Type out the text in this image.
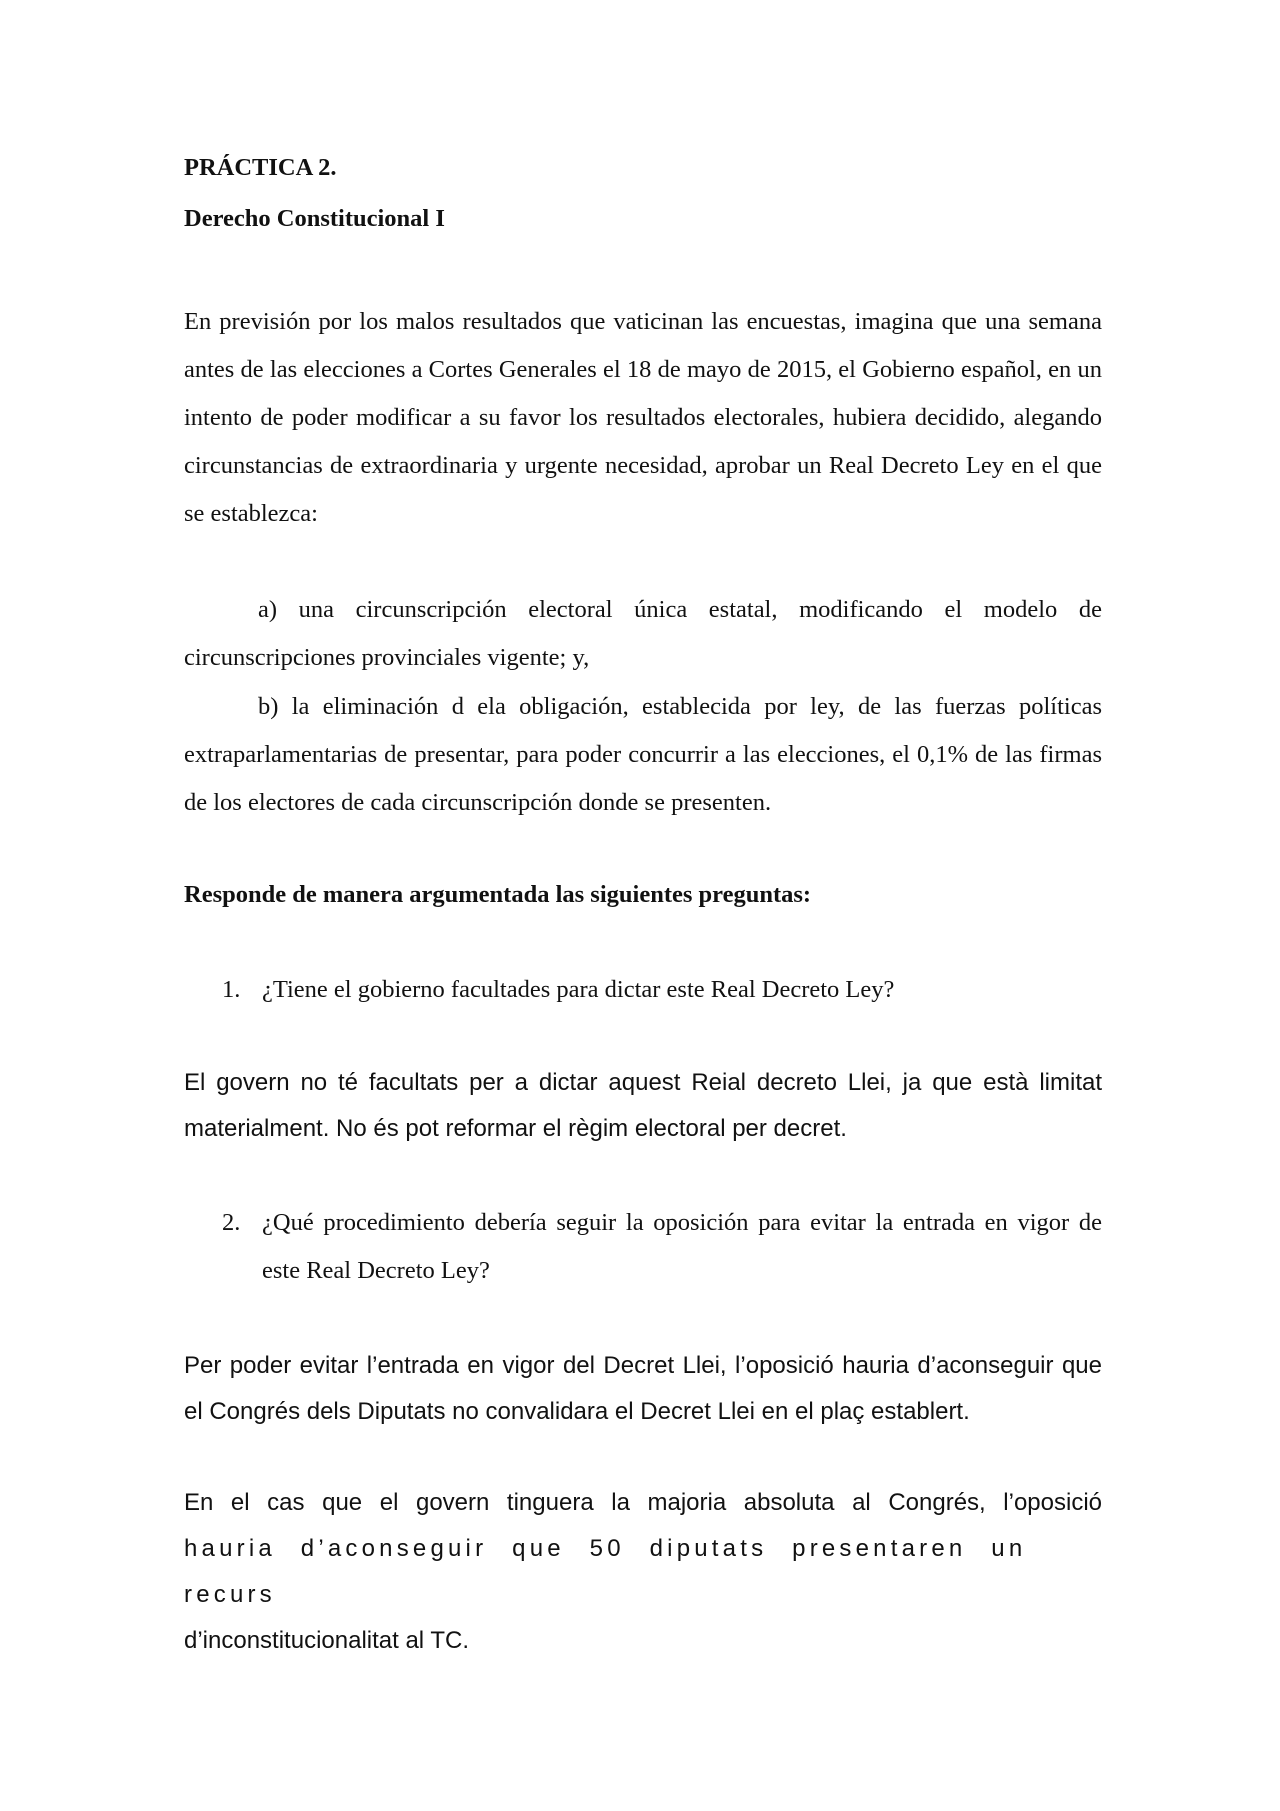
PRÁCTICA 2.

Derecho Constitucional I

En previsión por los malos resultados que vaticinan las encuestas, imagina que una semana antes de las elecciones a Cortes Generales el 18 de mayo de 2015, el Gobierno español, en un intento de poder modificar a su favor los resultados electorales, hubiera decidido, alegando circunstancias de extraordinaria y urgente necesidad, aprobar un Real Decreto Ley en el que se establezca:

a) una circunscripción electoral única estatal, modificando el modelo de circunscripciones provinciales vigente; y,

b) la eliminación d ela obligación, establecida por ley, de las fuerzas políticas extraparlamentarias de presentar, para poder concurrir a las elecciones, el 0,1% de las firmas de los electores de cada circunscripción donde se presenten.

Responde de manera argumentada las siguientes preguntas:

1. ¿Tiene el gobierno facultades para dictar este Real Decreto Ley?

El govern no té facultats per a dictar aquest Reial decreto Llei, ja que està limitat materialment. No és pot reformar el règim electoral per decret.

2. ¿Qué procedimiento debería seguir la oposición para evitar la entrada en vigor de este Real Decreto Ley?

Per poder evitar l’entrada en vigor del Decret Llei, l’oposició hauria d’aconseguir que el Congrés dels Diputats no convalidara el Decret Llei en el plaç establert.

En el cas que el govern tinguera la majoria absoluta al Congrés, l’oposició
hauria d’aconseguir que 50 diputats presentaren un recurs
d’inconstitucionalitat al TC.
